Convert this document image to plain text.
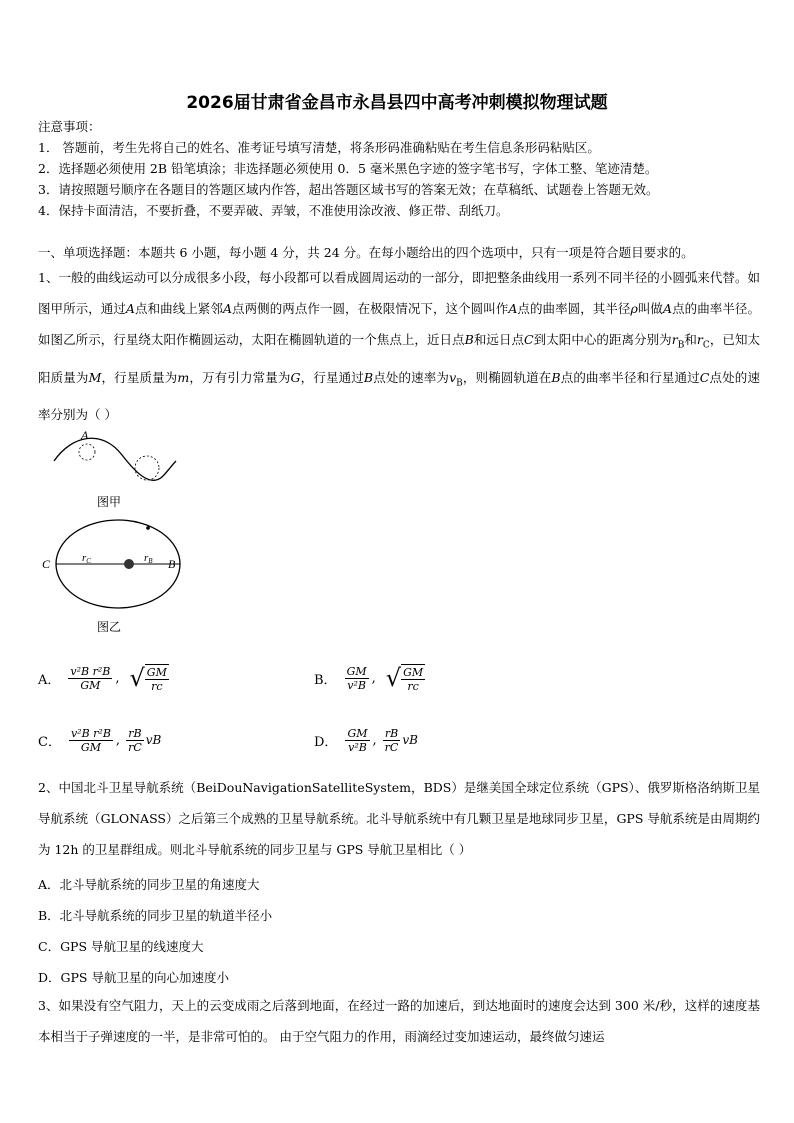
2026届甘肃省金昌市永昌县四中高考冲刺模拟物理试题
注意事项：
1． 答题前，考生先将自己的姓名、准考证号填写清楚，将条形码准确粘贴在考生信息条形码粘贴区。
2．选择题必须使用 2B 铅笔填涂；非选择题必须使用 0．5 毫米黑色字迹的签字笔书写，字体工整、笔迹清楚。
3．请按照题号顺序在各题目的答题区域内作答，超出答题区域书写的答案无效；在草稿纸、试题卷上答题无效。
4．保持卡面清洁，不要折叠，不要弄破、弄皱，不准使用涂改液、修正带、刮纸刀。
一、单项选择题：本题共 6 小题，每小题 4 分，共 24 分。在每小题给出的四个选项中，只有一项是符合题目要求的。
1、一般的曲线运动可以分成很多小段，每小段都可以看成圆周运动的一部分，即把整条曲线用一系列不同半径的小圆弧来代替。如图甲所示，通过A点和曲线上紧邻A点两侧的两点作一圆，在极限情况下，这个圆叫作A点的曲率圆，其半径ρ叫做A点的曲率半径。如图乙所示，行星绕太阳作椭圆运动，太阳在椭圆轨道的一个焦点上，近日点B和远日点C到太阳中心的距离分别为$r_B$和$r_C$，已知太阳质量为M，行星质量为m，万有引力常量为G，行星通过B点处的速率为$v_B$，则椭圆轨道在B点的曲率半径和行星通过C点处的速率分别为（ ）
A
图甲
C	B
rC	rB
图乙
A． $\frac{\text{v²B r²B}}{GM}$ , √ $\frac{GM}{rc}$	B． $\frac{GM}{\text{v²B}}$ , √ $\frac{GM}{rc}$
C． $\frac{\text{v²B r²B}}{GM}$ , $\frac{rB}{rC}$ vB	D． $\frac{GM}{\text{v²B}}$ , $\frac{rB}{rC}$ vB
2、中国北斗卫星导航系统（BeiDouNavigationSatelliteSystem，BDS）是继美国全球定位系统（GPS）、俄罗斯格洛纳斯卫星导航系统（GLONASS）之后第三个成熟的卫星导航系统。北斗导航系统中有几颗卫星是地球同步卫星，GPS 导航系统是由周期约为 12h 的卫星群组成。则北斗导航系统的同步卫星与 GPS 导航卫星相比（ ）
A．北斗导航系统的同步卫星的角速度大
B．北斗导航系统的同步卫星的轨道半径小
C．GPS 导航卫星的线速度大
D．GPS 导航卫星的向心加速度小
3、如果没有空气阻力，天上的云变成雨之后落到地面，在经过一路的加速后，到达地面时的速度会达到 300 米/秒，这样的速度基本相当于子弹速度的一半，是非常可怕的。 由于空气阻力的作用，雨滴经过变加速运动，最终做匀速运
